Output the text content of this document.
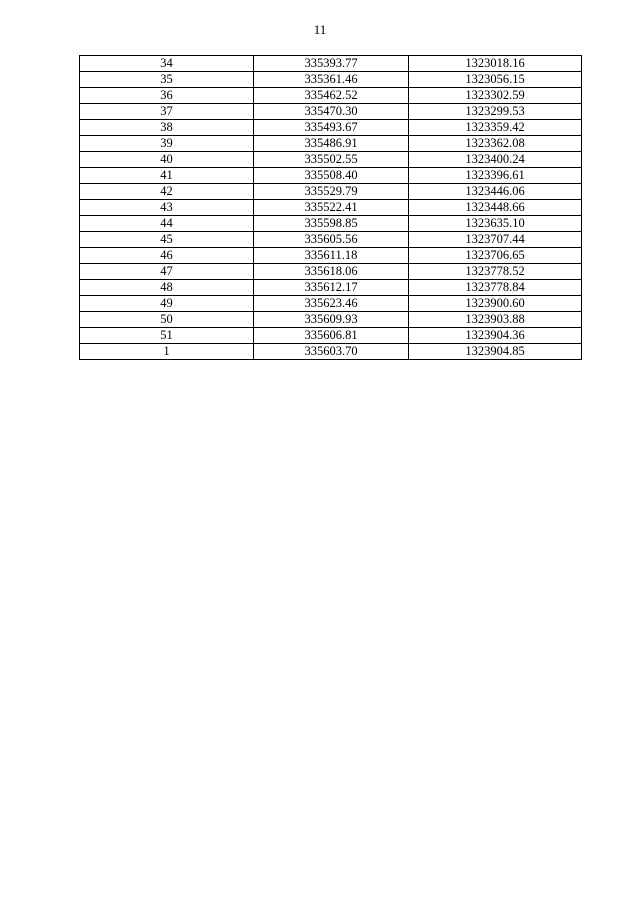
11
34	335393.77	1323018.16
35	335361.46	1323056.15
36	335462.52	1323302.59
37	335470.30	1323299.53
38	335493.67	1323359.42
39	335486.91	1323362.08
40	335502.55	1323400.24
41	335508.40	1323396.61
42	335529.79	1323446.06
43	335522.41	1323448.66
44	335598.85	1323635.10
45	335605.56	1323707.44
46	335611.18	1323706.65
47	335618.06	1323778.52
48	335612.17	1323778.84
49	335623.46	1323900.60
50	335609.93	1323903.88
51	335606.81	1323904.36
1	335603.70	1323904.85
